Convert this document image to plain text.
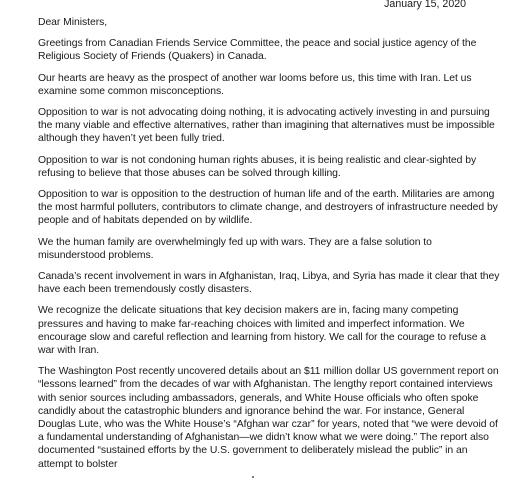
January 15, 2020

Dear Ministers,

Greetings from Canadian Friends Service Committee, the peace and social justice agency of the Religious Society of Friends (Quakers) in Canada.

Our hearts are heavy as the prospect of another war looms before us, this time with Iran. Let us examine some common misconceptions.

Opposition to war is not advocating doing nothing, it is advocating actively investing in and pursuing the many viable and effective alternatives, rather than imagining that alternatives must be impossible although they haven’t yet been fully tried.

Opposition to war is not condoning human rights abuses, it is being realistic and clear-sighted by refusing to believe that those abuses can be solved through killing.

Opposition to war is opposition to the destruction of human life and of the earth. Militaries are among the most harmful polluters, contributors to climate change, and destroyers of infrastructure needed by people and of habitats depended on by wildlife.

We the human family are overwhelmingly fed up with wars. They are a false solution to misunderstood problems.

Canada’s recent involvement in wars in Afghanistan, Iraq, Libya, and Syria has made it clear that they have each been tremendously costly disasters.

We recognize the delicate situations that key decision makers are in, facing many competing pressures and having to make far-reaching choices with limited and imperfect information. We encourage slow and careful reflection and learning from history. We call for the courage to refuse a war with Iran.

The Washington Post recently uncovered details about an $11 million dollar US government report on “lessons learned” from the decades of war with Afghanistan. The lengthy report contained interviews with senior sources including ambassadors, generals, and White House officials who often spoke candidly about the catastrophic blunders and ignorance behind the war. For instance, General Douglas Lute, who was the White House’s “Afghan war czar” for years, noted that “we were devoid of a fundamental understanding of Afghanistan—we didn’t know what we were doing.” The report also documented “sustained efforts by the U.S. government to deliberately mislead the public” in an attempt to bolster
